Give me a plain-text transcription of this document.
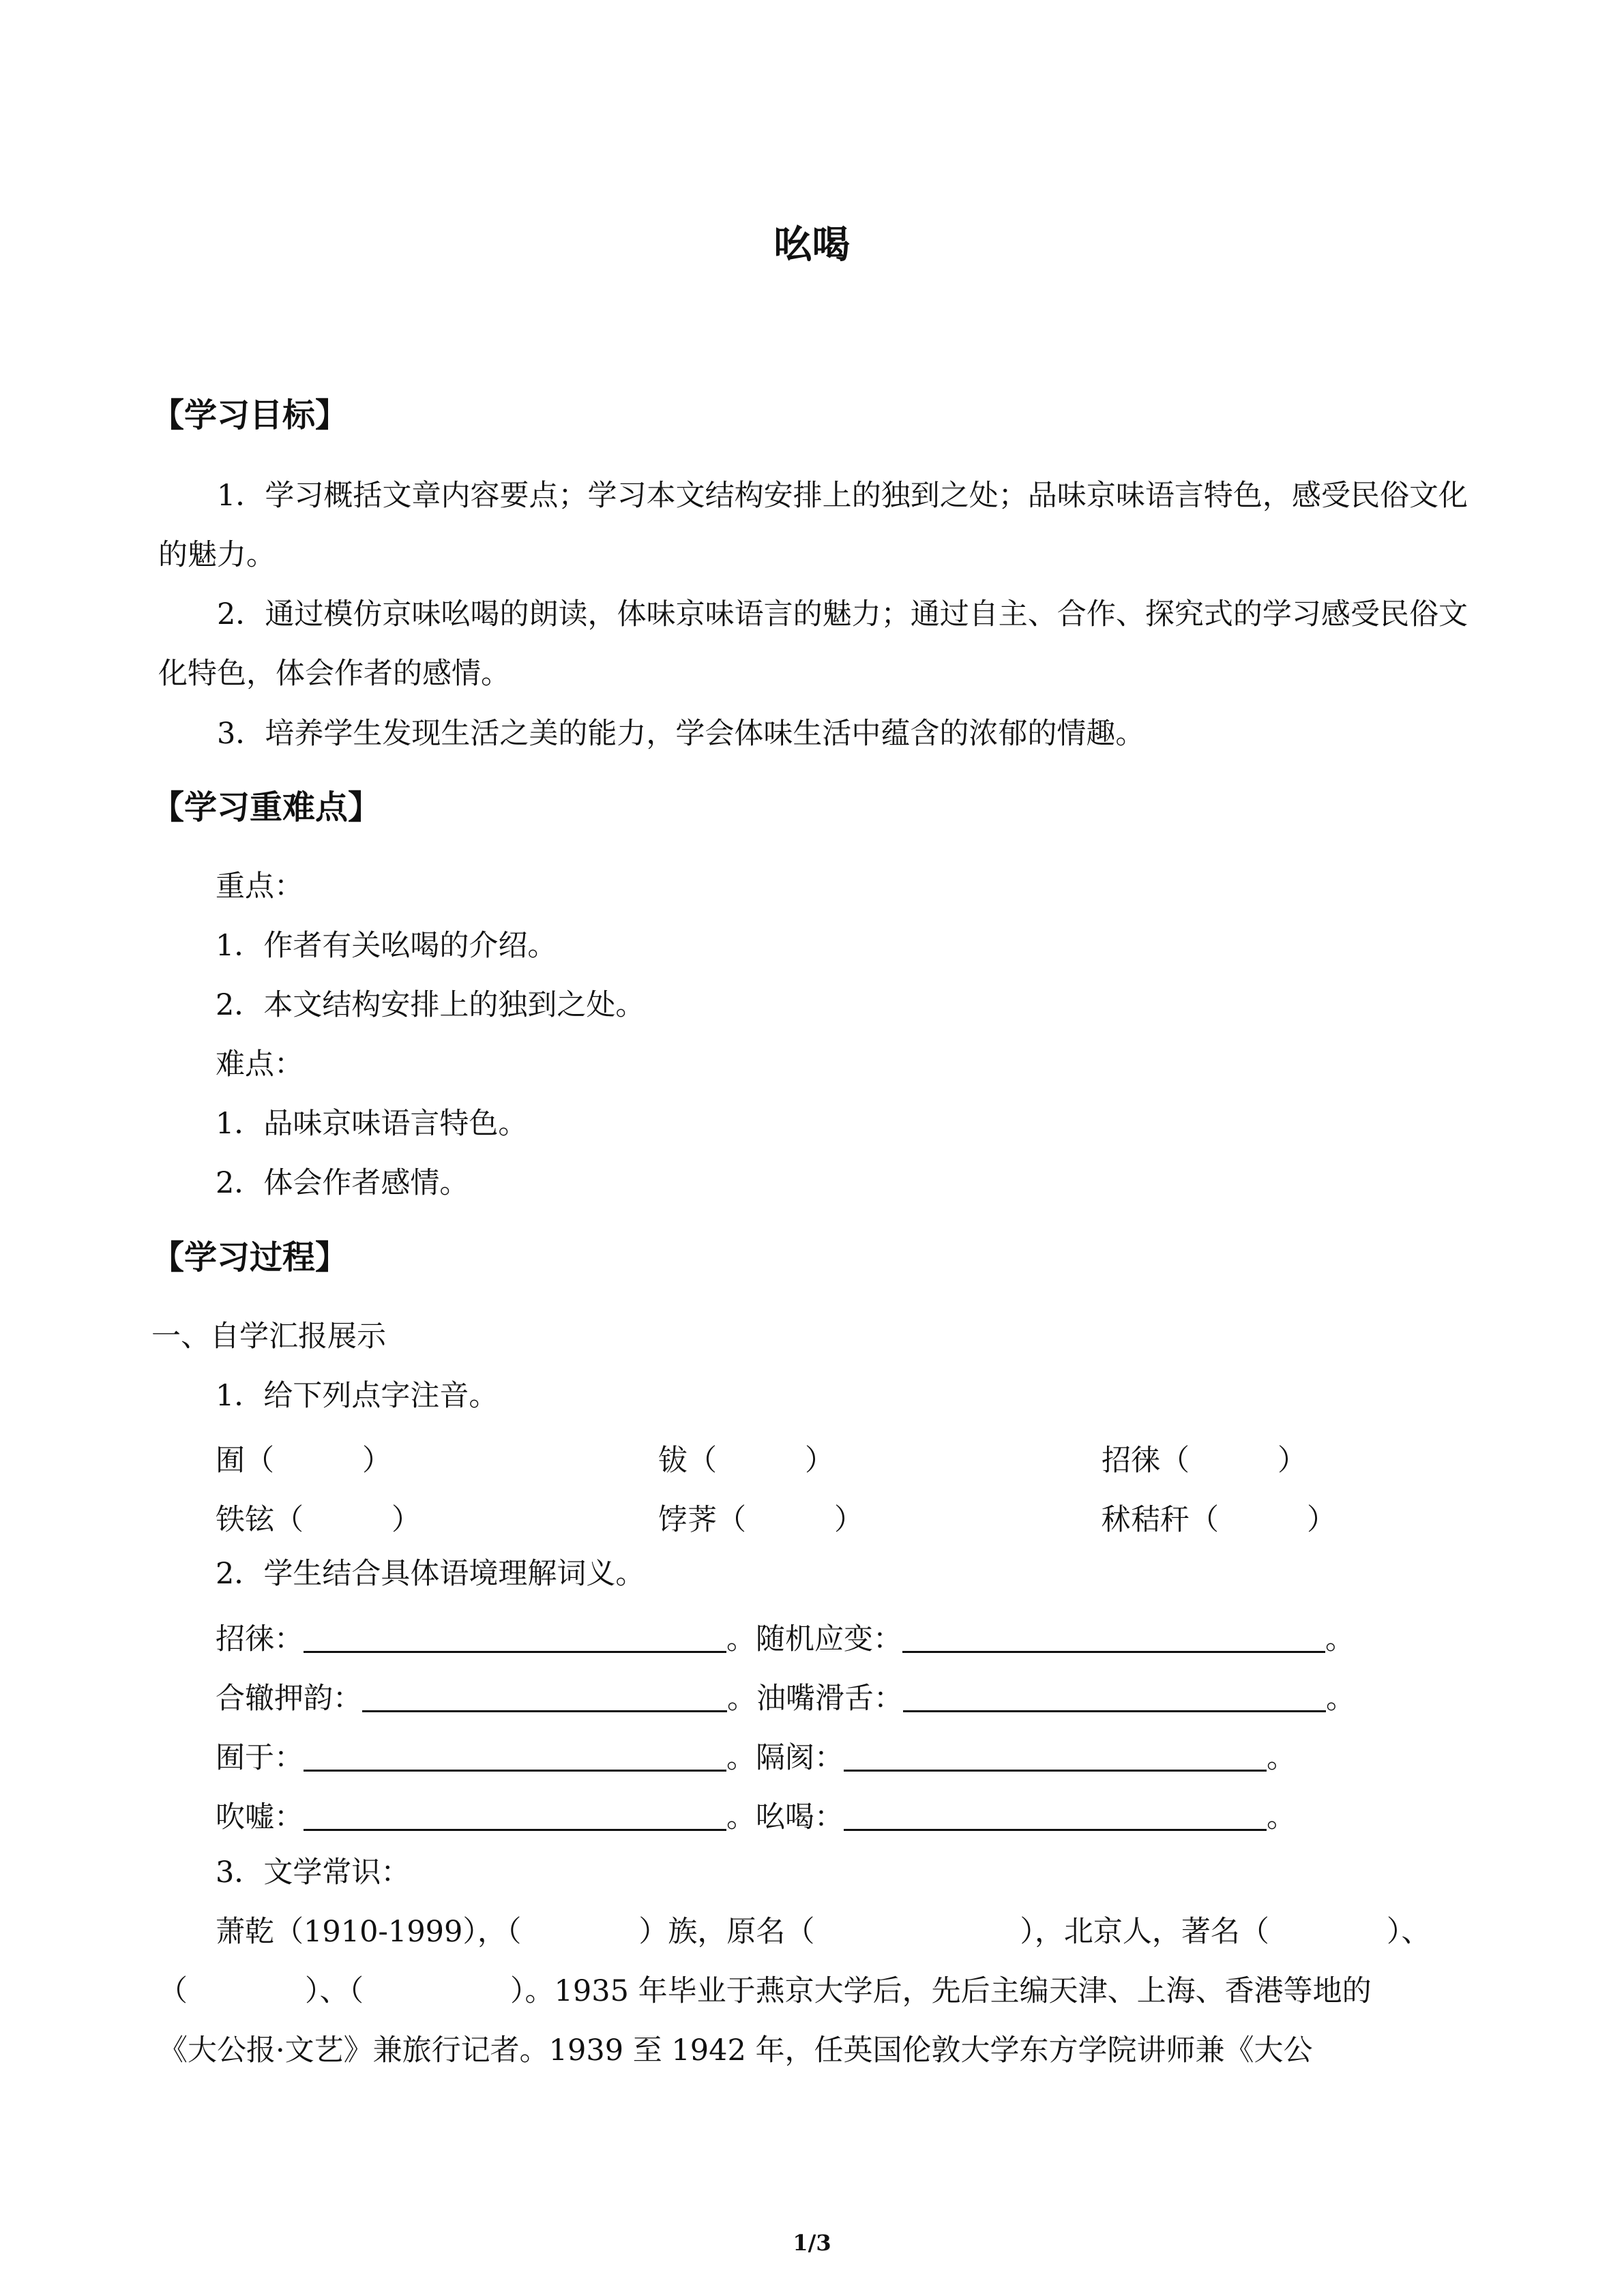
吆喝
【学习目标】
1．学习概括文章内容要点；学习本文结构安排上的独到之处；品味京味语言特色，感受民俗文化的魅力。
2．通过模仿京味吆喝的朗读，体味京味语言的魅力；通过自主、合作、探究式的学习感受民俗文化特色，体会作者的感情。
3．培养学生发现生活之美的能力，学会体味生活中蕴含的浓郁的情趣。
【学习重难点】
重点：
1．作者有关吆喝的介绍。
2．本文结构安排上的独到之处。
难点：
1．品味京味语言特色。
2．体会作者感情。
【学习过程】
一、自学汇报展示
1．给下列点字注音。
囿（　　　）	钹（　　　）	招徕（　　　）
铁铉（　　　）	饽荠（　　　）	秫秸秆（　　　）
2．学生结合具体语境理解词义。
招徕：	。随机应变：	。
合辙押韵：	。油嘴滑舌：	。
囿于：	。隔阂：	。
吹嘘：	。吆喝：	。
3．文学常识：
萧乾（1910-1999），（　　　　）族，原名（　　　　　　　），北京人，著名（　　　　）、
（　　　　）、（　　　　　）。1935 年毕业于燕京大学后，先后主编天津、上海、香港等地的
《大公报·文艺》兼旅行记者。1939 至 1942 年，任英国伦敦大学东方学院讲师兼《大公
1/3
